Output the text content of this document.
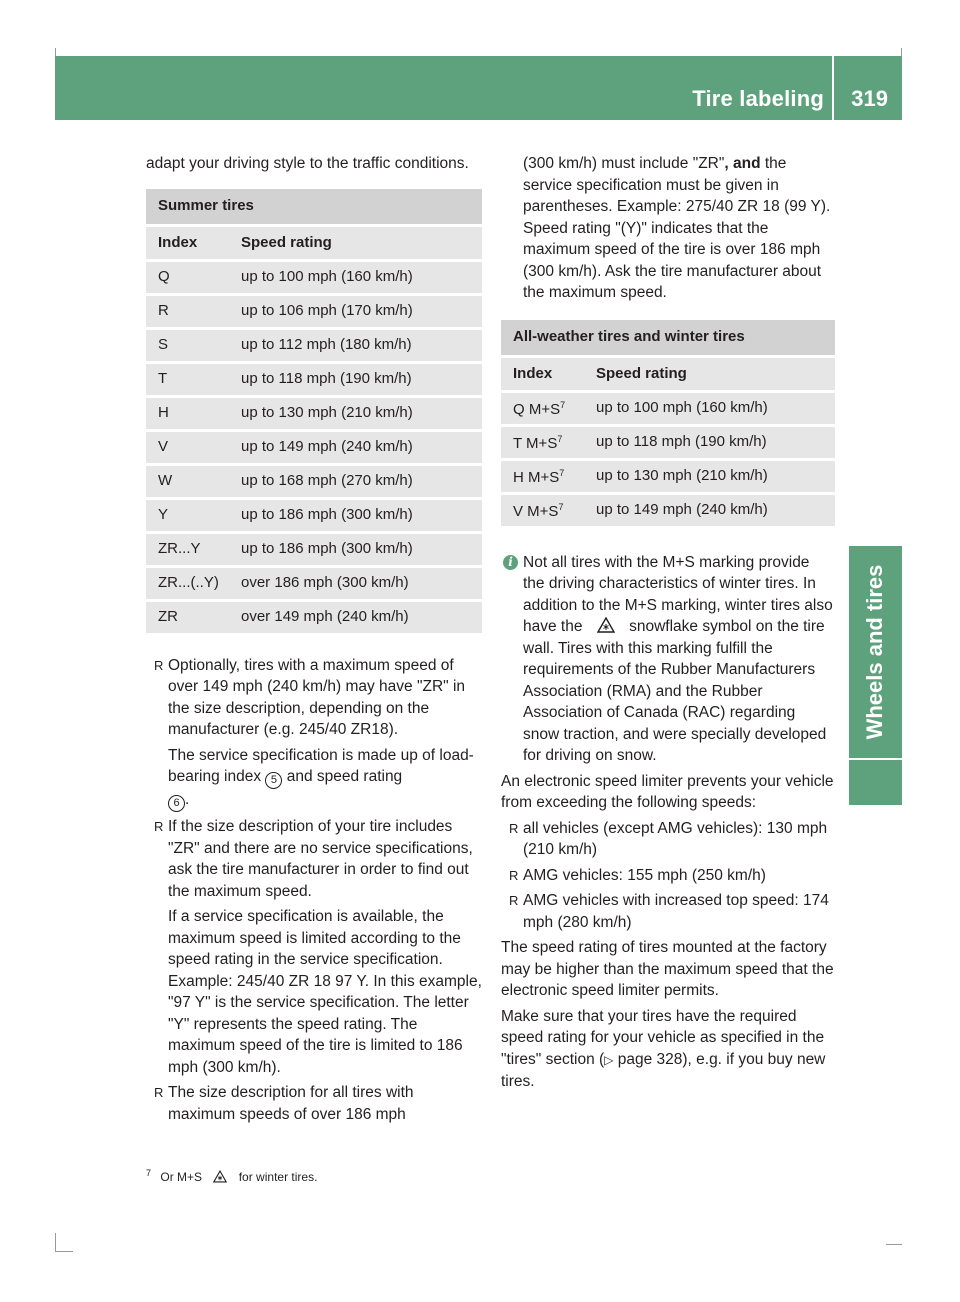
Tire labeling 319
Wheels and tires

adapt your driving style to the traffic conditions.

Summer tires	

Index	Speed rating

Q	up to 100 mph (160 km/h)

R	up to 106 mph (170 km/h)

S	up to 112 mph (180 km/h)

T	up to 118 mph (190 km/h)

H	up to 130 mph (210 km/h)

V	up to 149 mph (240 km/h)

W	up to 168 mph (270 km/h)

Y	up to 186 mph (300 km/h)

ZR...Y	up to 186 mph (300 km/h)

ZR...(..Y)	over 186 mph (300 km/h)

ZR	over 149 mph (240 km/h)

R Optionally, tires with a maximum speed of over 149 mph (240 km/h) may have "ZR" in the size description, depending on the manufacturer (e.g. 245/40 ZR18).

The service specification is made up of load-bearing index 5 and speed rating
6 .

R If the size description of your tire includes "ZR" and there are no service specifications, ask the tire manufacturer in order to find out the maximum speed.

If a service specification is available, the maximum speed is limited according to the speed rating in the service specification. Example: 245/40 ZR 18 97 Y. In this example, "97 Y" is the service specification. The letter "Y" represents the speed rating. The maximum speed of the tire is limited to 186 mph (300 km/h).

R The size description for all tires with maximum speeds of over 186 mph

(300 km/h) must include "ZR", and the service specification must be given in parentheses. Example: 275/40 ZR 18 (99 Y). Speed rating "(Y)" indicates that the maximum speed of the tire is over 186 mph (300 km/h). Ask the tire manufacturer about the maximum speed.

All-weather tires and winter tires	

Index	Speed rating

Q $M+S^7$	up to 100 mph (160 km/h)

T $M+S^7$	up to 118 mph (190 km/h)

H $M+S^7$	up to 130 mph (210 km/h)

V $M+S^7$	up to 149 mph (240 km/h)
i Not all tires with the M+S marking provide the driving characteristics of winter tires. In addition to the M+S marking, winter tires also have the	snowflake symbol on the tire wall. Tires with this marking fulfill the requirements of the Rubber Manufacturers Association (RMA) and the Rubber Association of Canada (RAC) regarding snow traction, and were specially developed for driving on snow.

An electronic speed limiter prevents your vehicle from exceeding the following speeds:

R all vehicles (except AMG vehicles): 130 mph (210 km/h)
R AMG vehicles: 155 mph (250 km/h)
R AMG vehicles with increased top speed: 174 mph (280 km/h)

The speed rating of tires mounted at the factory may be higher than the maximum speed that the electronic speed limiter permits.

Make sure that your tires have the required speed rating for your vehicle as specified in the "tires" section (▷ page 328), e.g. if you buy new tires.

$^7$ Or M+S	for winter tires.
